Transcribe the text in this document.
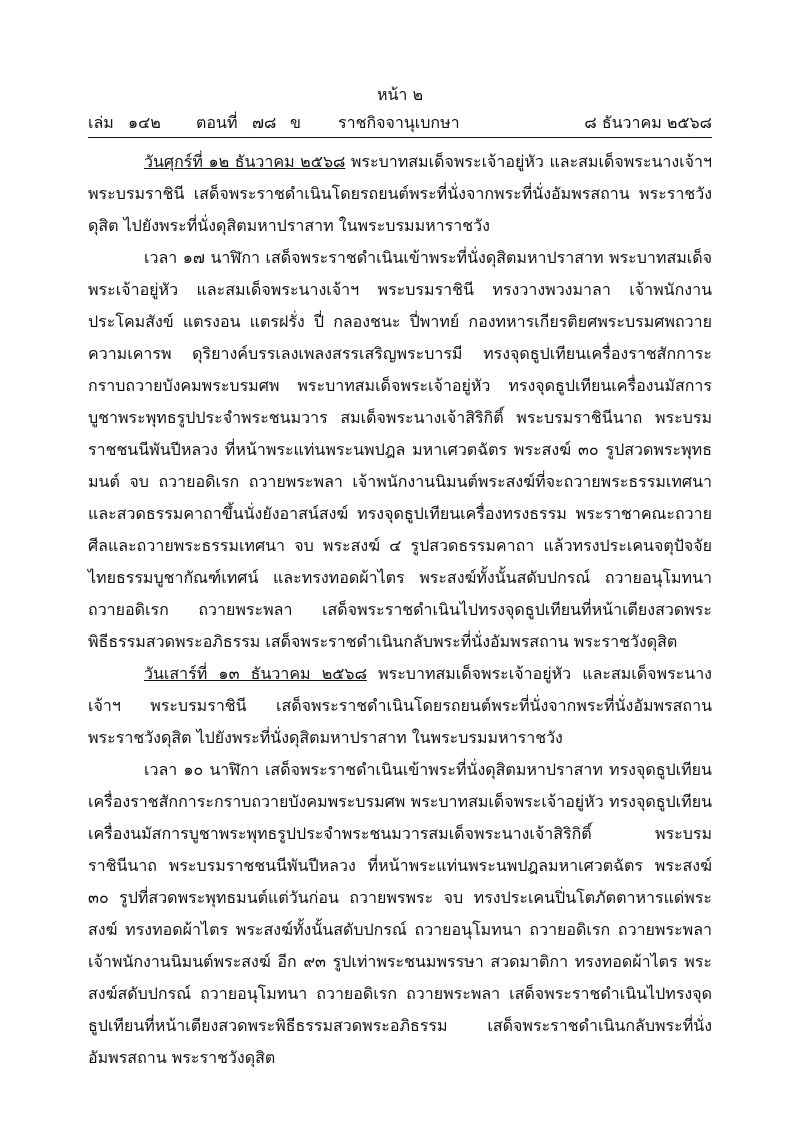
หน้า ๒
เล่ม ๑๔๒ ตอนที่ ๗๘ ข ราชกิจจานุเบกษา	๘ ธันวาคม ๒๕๖๘

วันศุกร์ที่ ๑๒ ธันวาคม ๒๕๖๘ พระบาทสมเด็จพระเจ้าอยู่หัว และสมเด็จพระนางเจ้าฯ พระบรมราชินี เสด็จพระราชดำเนินโดยรถยนต์พระที่นั่งจากพระที่นั่งอัมพรสถาน พระราชวังดุสิต ไปยังพระที่นั่งดุสิตมหาปราสาท ในพระบรมมหาราชวัง

เวลา ๑๗ นาฬิกา เสด็จพระราชดำเนินเข้าพระที่นั่งดุสิตมหาปราสาท พระบาทสมเด็จพระเจ้าอยู่หัว และสมเด็จพระนางเจ้าฯ พระบรมราชินี ทรงวางพวงมาลา เจ้าพนักงานประโคมสังข์ แตรงอน แตรฝรั่ง ปี่ กลองชนะ ปี่พาทย์ กองทหารเกียรติยศพระบรมศพถวายความเคารพ ดุริยางค์บรรเลงเพลงสรรเสริญพระบารมี ทรงจุดธูปเทียนเครื่องราชสักการะกราบถวายบังคมพระบรมศพ พระบาทสมเด็จพระเจ้าอยู่หัว ทรงจุดธูปเทียนเครื่องนมัสการบูชาพระพุทธรูปประจำพระชนมวาร สมเด็จพระนางเจ้าสิริกิติ์ พระบรมราชินีนาถ พระบรมราชชนนีพันปีหลวง ที่หน้าพระแท่นพระนพปฎล มหาเศวตฉัตร พระสงฆ์ ๓๐ รูปสวดพระพุทธมนต์ จบ ถวายอดิเรก ถวายพระพลา เจ้าพนักงานนิมนต์พระสงฆ์ที่จะถวายพระธรรมเทศนาและสวดธรรมคาถาขึ้นนั่งยังอาสน์สงฆ์ ทรงจุดธูปเทียนเครื่องทรงธรรม พระราชาคณะถวายศีลและถวายพระธรรมเทศนา จบ พระสงฆ์ ๔ รูปสวดธรรมคาถา แล้วทรงประเคนจตุปัจจัยไทยธรรมบูชากัณฑ์เทศน์ และทรงทอดผ้าไตร พระสงฆ์ทั้งนั้นสดับปกรณ์ ถวายอนุโมทนา ถวายอดิเรก ถวายพระพลา เสด็จพระราชดำเนินไปทรงจุดธูปเทียนที่หน้าเตียงสวดพระพิธีธรรมสวดพระอภิธรรม เสด็จพระราชดำเนินกลับพระที่นั่งอัมพรสถาน พระราชวังดุสิต

วันเสาร์ที่ ๑๓ ธันวาคม ๒๕๖๘ พระบาทสมเด็จพระเจ้าอยู่หัว และสมเด็จพระนางเจ้าฯ พระบรมราชินี เสด็จพระราชดำเนินโดยรถยนต์พระที่นั่งจากพระที่นั่งอัมพรสถาน พระราชวังดุสิต ไปยังพระที่นั่งดุสิตมหาปราสาท ในพระบรมมหาราชวัง

เวลา ๑๐ นาฬิกา เสด็จพระราชดำเนินเข้าพระที่นั่งดุสิตมหาปราสาท ทรงจุดธูปเทียนเครื่องราชสักการะกราบถวายบังคมพระบรมศพ พระบาทสมเด็จพระเจ้าอยู่หัว ทรงจุดธูปเทียนเครื่องนมัสการบูชาพระพุทธรูปประจำพระชนมวารสมเด็จพระนางเจ้าสิริกิติ์ พระบรมราชินีนาถ พระบรมราชชนนีพันปีหลวง ที่หน้าพระแท่นพระนพปฎลมหาเศวตฉัตร พระสงฆ์ ๓๐ รูปที่สวดพระพุทธมนต์แต่วันก่อน ถวายพรพระ จบ ทรงประเคนปิ่นโตภัตตาหารแด่พระสงฆ์ ทรงทอดผ้าไตร พระสงฆ์ทั้งนั้นสดับปกรณ์ ถวายอนุโมทนา ถวายอดิเรก ถวายพระพลา เจ้าพนักงานนิมนต์พระสงฆ์ อีก ๙๓ รูปเท่าพระชนมพรรษา สวดมาติกา ทรงทอดผ้าไตร พระสงฆ์สดับปกรณ์ ถวายอนุโมทนา ถวายอดิเรก ถวายพระพลา เสด็จพระราชดำเนินไปทรงจุดธูปเทียนที่หน้าเตียงสวดพระพิธีธรรมสวดพระอภิธรรม เสด็จพระราชดำเนินกลับพระที่นั่งอัมพรสถาน พระราชวังดุสิต
